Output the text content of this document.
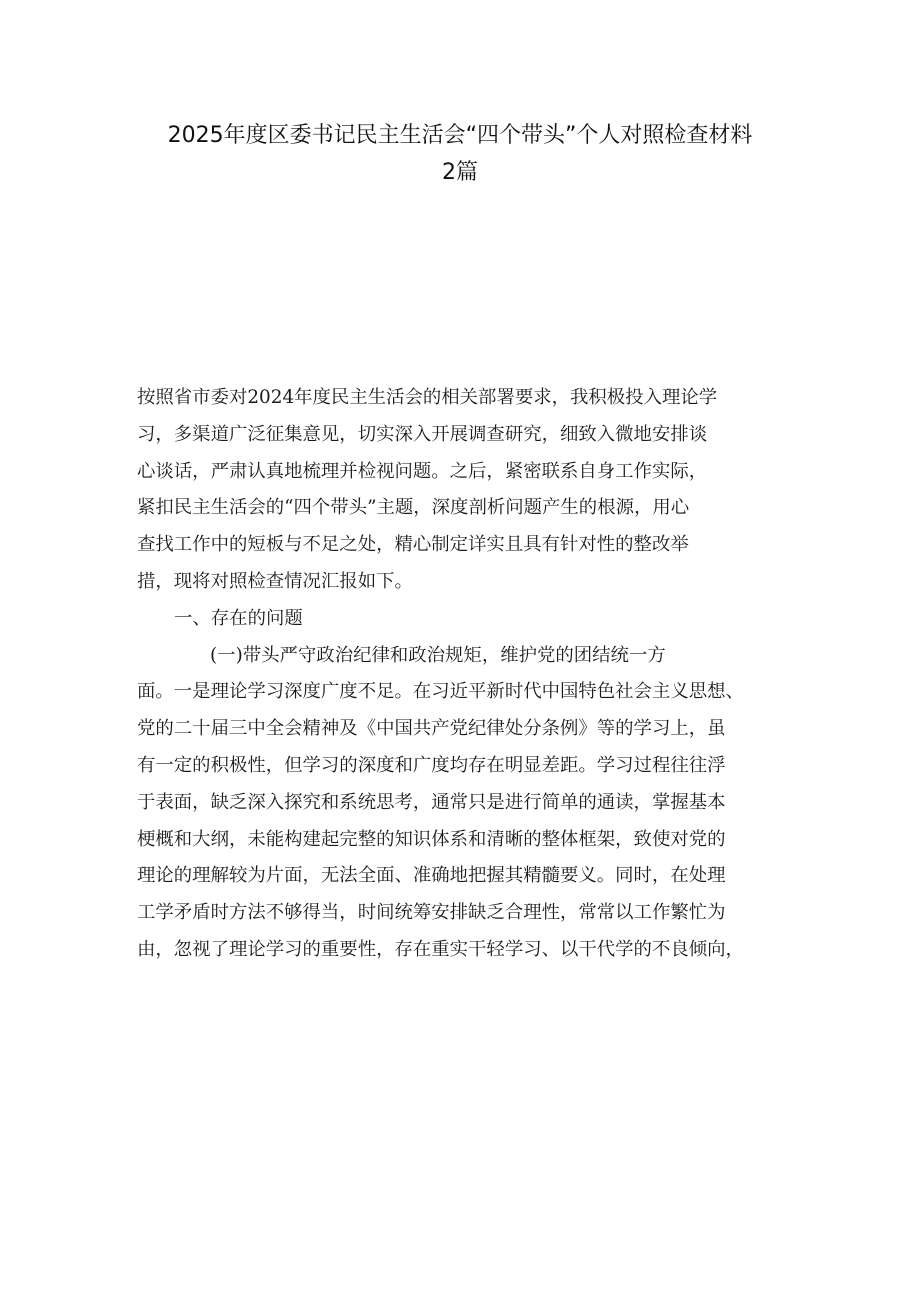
2025年度区委书记民主生活会“四个带头”个人对照检查材料
2篇
按照省市委对2024年度民主生活会的相关部署要求，我积极投入理论学
习，多渠道广泛征集意见，切实深入开展调查研究，细致入微地安排谈
心谈话，严肃认真地梳理并检视问题。之后，紧密联系自身工作实际，
紧扣民主生活会的“四个带头”主题，深度剖析问题产生的根源，用心
查找工作中的短板与不足之处，精心制定详实且具有针对性的整改举
措，现将对照检查情况汇报如下。
一、存在的问题
(一)带头严守政治纪律和政治规矩，维护党的团结统一方
面。一是理论学习深度广度不足。在习近平新时代中国特色社会主义思想、
党的二十届三中全会精神及《中国共产党纪律处分条例》等的学习上，虽
有一定的积极性，但学习的深度和广度均存在明显差距。学习过程往往浮
于表面，缺乏深入探究和系统思考，通常只是进行简单的通读，掌握基本
梗概和大纲，未能构建起完整的知识体系和清晰的整体框架，致使对党的
理论的理解较为片面，无法全面、准确地把握其精髓要义。同时，在处理
工学矛盾时方法不够得当，时间统筹安排缺乏合理性，常常以工作繁忙为
由，忽视了理论学习的重要性，存在重实干轻学习、以干代学的不良倾向，
